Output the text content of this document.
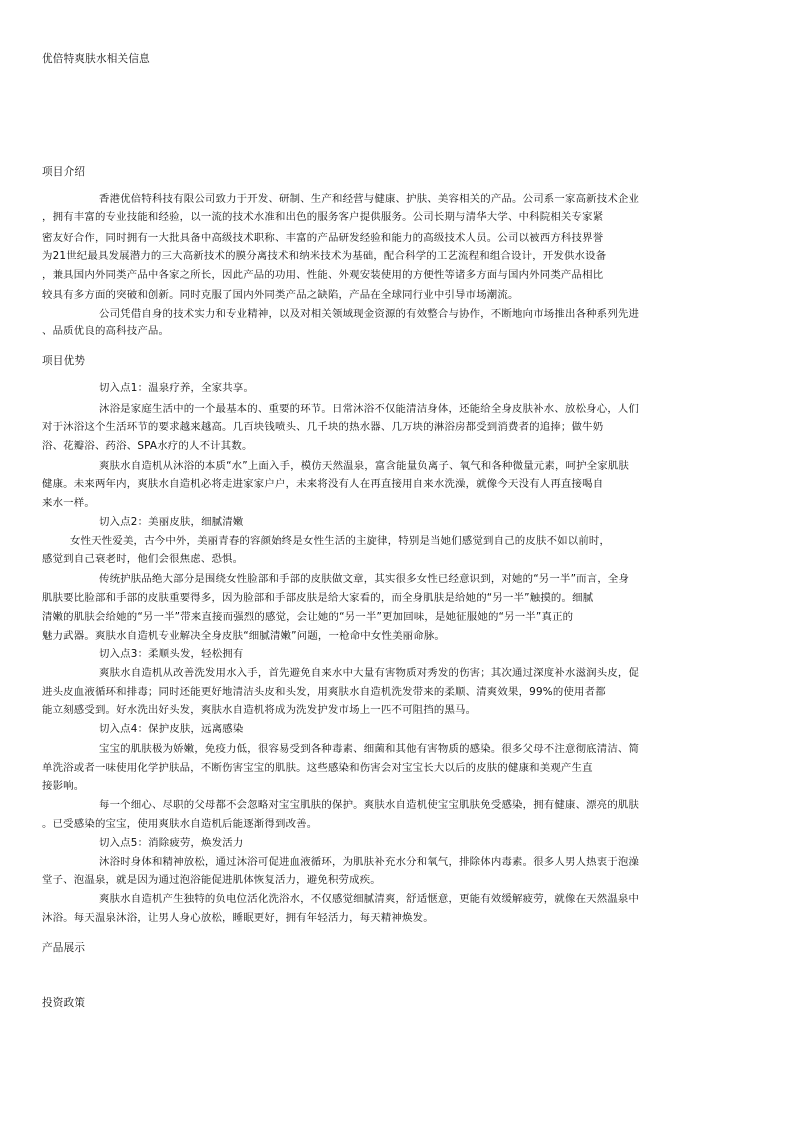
优倍特爽肤水相关信息
项目介绍
香港优倍特科技有限公司致力于开发、研制、生产和经营与健康、护肤、美容相关的产品。公司系一家高新技术企业
，拥有丰富的专业技能和经验，以一流的技术水准和出色的服务客户提供服务。公司长期与清华大学、中科院相关专家紧
密友好合作，同时拥有一大批具备中高级技术职称、丰富的产品研发经验和能力的高级技术人员。公司以被西方科技界誉
为21世纪最具发展潜力的三大高新技术的膜分离技术和纳米技术为基础，配合科学的工艺流程和组合设计，开发供水设备
，兼具国内外同类产品中各家之所长，因此产品的功用、性能、外观安装使用的方便性等诸多方面与国内外同类产品相比
较具有多方面的突破和创新。同时克服了国内外同类产品之缺陷，产品在全球同行业中引导市场潮流。
公司凭借自身的技术实力和专业精神，以及对相关领域现金资源的有效整合与协作，不断地向市场推出各种系列先进
、品质优良的高科技产品。
项目优势
切入点1：温泉疗养，全家共享。
沐浴是家庭生活中的一个最基本的、重要的环节。日常沐浴不仅能清洁身体，还能给全身皮肤补水、放松身心，人们
对于沐浴这个生活环节的要求越来越高。几百块钱喷头、几千块的热水器、几万块的淋浴房都受到消费者的追捧；做牛奶
浴、花瓣浴、药浴、SPA水疗的人不计其数。
爽肤水自造机从沐浴的本质“水”上面入手，模仿天然温泉，富含能量负离子、氧气和各种微量元素，呵护全家肌肤
健康。未来两年内，爽肤水自造机必将走进家家户户，未来将没有人在再直接用自来水洗澡，就像今天没有人再直接喝自
来水一样。
切入点2：美丽皮肤，细腻清嫩
女性天性爱美，古今中外，美丽青春的容颜始终是女性生活的主旋律，特别是当她们感觉到自己的皮肤不如以前时，
感觉到自己衰老时，他们会很焦虑、恐惧。
传统护肤品绝大部分是围绕女性脸部和手部的皮肤做文章，其实很多女性已经意识到，对她的“另一半”而言，全身
肌肤要比脸部和手部的皮肤重要得多，因为脸部和手部皮肤是给大家看的，而全身肌肤是给她的“另一半”触摸的。细腻
清嫩的肌肤会给她的“另一半”带来直接而强烈的感觉，会让她的“另一半”更加回味，是她征服她的“另一半”真正的
魅力武器。爽肤水自造机专业解决全身皮肤“细腻清嫩”问题，一枪命中女性美丽命脉。
切入点3：柔顺头发，轻松拥有
爽肤水自造机从改善洗发用水入手，首先避免自来水中大量有害物质对秀发的伤害；其次通过深度补水滋润头皮，促
进头皮血液循环和排毒；同时还能更好地清洁头皮和头发，用爽肤水自造机洗发带来的柔顺、清爽效果，99%的使用者都
能立刻感受到。好水洗出好头发，爽肤水自造机将成为洗发护发市场上一匹不可阻挡的黑马。
切入点4：保护皮肤，远离感染
宝宝的肌肤极为娇嫩，免疫力低，很容易受到各种毒素、细菌和其他有害物质的感染。很多父母不注意彻底清洁、简
单洗浴或者一味使用化学护肤品，不断伤害宝宝的肌肤。这些感染和伤害会对宝宝长大以后的皮肤的健康和美观产生直
接影响。
每一个细心、尽职的父母都不会忽略对宝宝肌肤的保护。爽肤水自造机使宝宝肌肤免受感染，拥有健康、漂亮的肌肤
。已受感染的宝宝，使用爽肤水自造机后能逐渐得到改善。
切入点5：消除疲劳，焕发活力
沐浴时身体和精神放松，通过沐浴可促进血液循环，为肌肤补充水分和氧气，排除体内毒素。很多人男人热衷于泡澡
堂子、泡温泉，就是因为通过泡浴能促进肌体恢复活力，避免积劳成疾。
爽肤水自造机产生独特的负电位活化洗浴水，不仅感觉细腻清爽，舒适惬意，更能有效缓解疲劳，就像在天然温泉中
沐浴。每天温泉沐浴，让男人身心放松，睡眠更好，拥有年轻活力，每天精神焕发。
产品展示
投资政策
